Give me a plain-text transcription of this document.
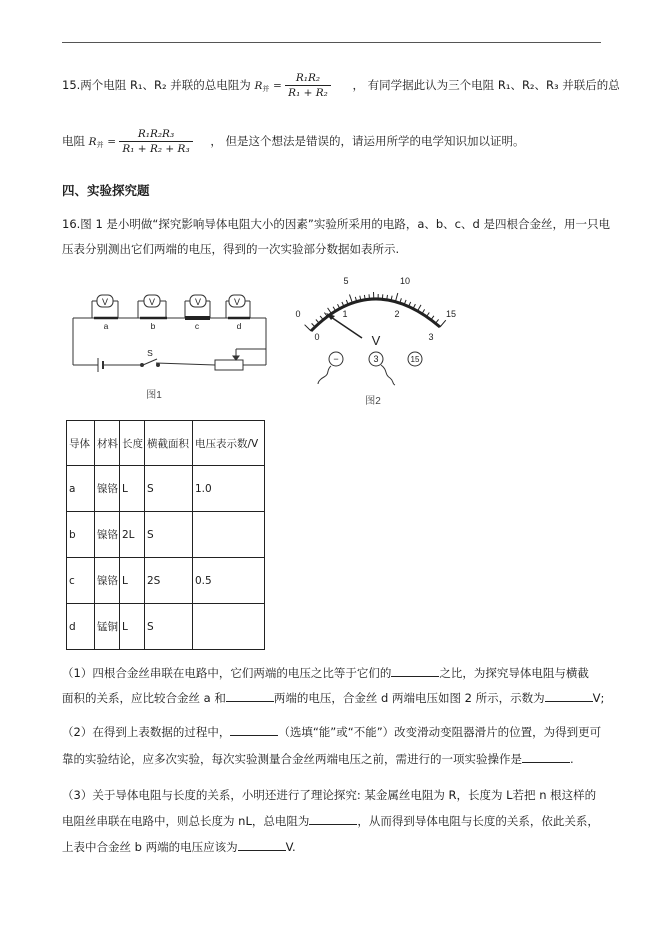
15.两个电阻 R₁、R₂ 并联的总电阻为 $R_并 = \frac{\text{R₁R₂}}{\text{R₁ + R₂}}$ ， 有同学据此认为三个电阻 R₁、R₂、R₃ 并联后的总
电阻 $R_并 = \frac{\text{R₁R₂R₃}}{\text{R₁ + R₂ + R₃}}$ ， 但是这个想法是错误的，请运用所学的电学知识加以证明。
四、实验探究题
16.图 1 是小明做“探究影响导体电阻大小的因素”实验所采用的电路，a、b、c、d 是四根合金丝，用一只电
压表分别测出它们两端的电压，得到的一次实验部分数据如表所示.
V	V	V	V
a	b	c	d
S
图1
0
5	10
15
0
1	2
3
V
−	3	15
图2
导体	材料	长度	横截面积	电压表示数/V
a	镍铬	L	S	1.0
b	镍铬	2L	S	
c	镍铬	L	2S	0.5
d	锰铜	L	S	
（1）四根合金丝串联在电路中，它们两端的电压之比等于它们的	之比，为探究导体电阻与横截
面积的关系，应比较合金丝 a 和	两端的电压，合金丝 d 两端电压如图 2 所示，示数为	V;
（2）在得到上表数据的过程中，	（选填“能”或“不能”）改变滑动变阻器滑片的位置，为得到更可
靠的实验结论，应多次实验，每次实验测量合金丝两端电压之前，需进行的一项实验操作是	.
（3）关于导体电阻与长度的关系，小明还进行了理论探究: 某金属丝电阻为 R，长度为 L若把 n 根这样的
电阻丝串联在电路中，则总长度为 nL，总电阻为	，从而得到导体电阻与长度的关系，依此关系，
上表中合金丝 b 两端的电压应该为	V.
